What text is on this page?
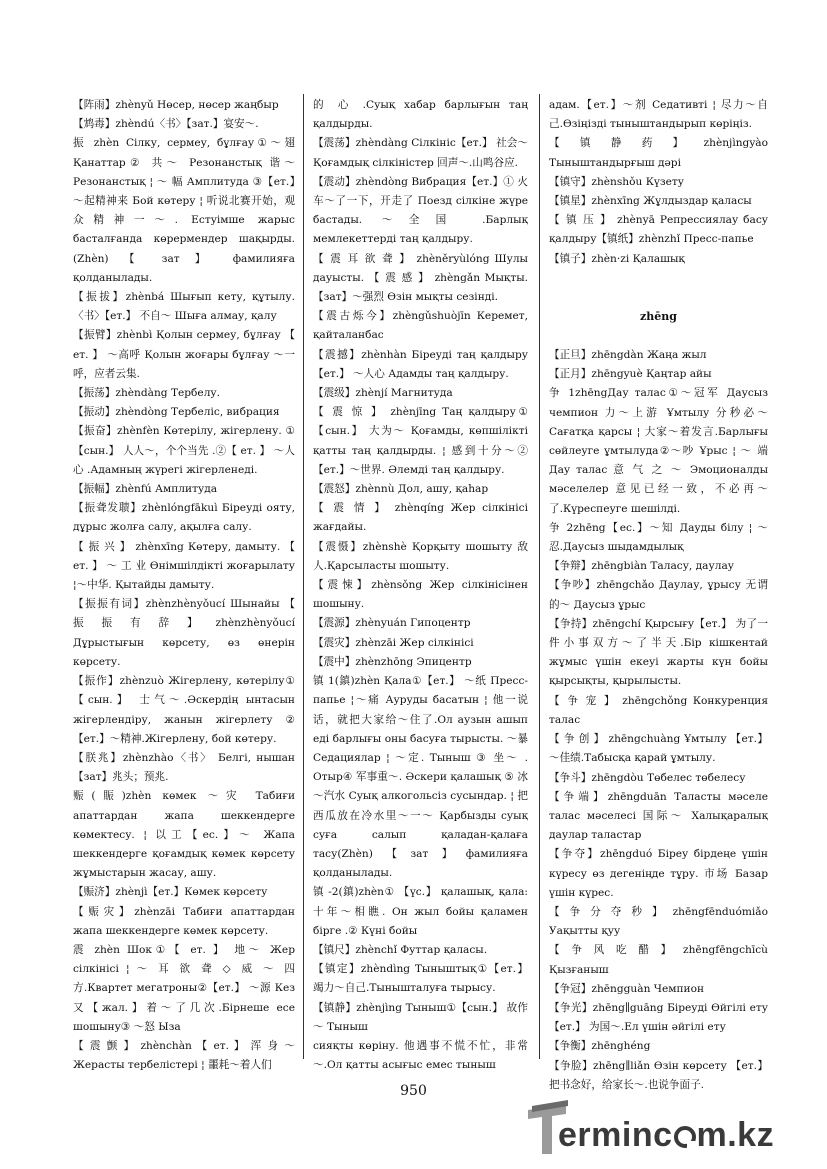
【阵雨】zhènyǔ Нөсер, нөсер жаңбыр

【鸩毒】zhèndú〈书〉【зат.】宴安～.

振 zhèn Сілку, сермеу, бұлғау①～翅 Қанаттар② 共～ Резонанстық 谐～ Резонанстық ¦ ～ 幅 Амплитуда ③【ет.】～起精神来 Бой көтеру ¦ 听说北赛开始，观众精神一～. Естуімше жарыс басталғанда көрермендер шақырды.(Zhèn) 【 зат 】 фамилияға қолданылады.

【振拔】zhènbá Шығып кету, құтылу. 〈书〉【ет.】 不自～ Шыға алмау, қалу

【振臂】zhènbì Қолын сермеу, бұлғау 【 ет. 】 ～高呼 Қолын жоғары бұлғау ～一呼，应者云集.

【振荡】zhèndàng Тербелу.

【振动】zhèndòng Тербеліс, вибрация

【振奋】zhènfèn Көтерілу, жігерлену. ①【сын.】 人人～，个个当先 .②【 ет. 】 ～人心 .Адамның жүрегі жігерленеді.

【振幅】zhènfú Амплитуда

【振聋发聩】zhènlóngfākuì Біреуді ояту, дұрыс жолға салу, ақылға салу.

【 振 兴 】 zhènxīng Көтеру, дамыту. 【 ет. 】 ～ 工 业 Өнімшілдікті жоғарылату ¦～中华. Қытайды дамыту.

【振振有词】zhènzhènyǒucí Шынайы 【 振 振 有 辞 】 zhènzhènyǒucí Дұрыстығын көрсету, өз өнерін көрсету.

【振作】zhènzuò Жігерлену, көтерілу① 【сын.】 士气～.Әскердің ынтасын жігерлендіру, жанын жігерлету ② 【ет.】～精神.Жігерлену, бой көтеру.

【朕兆】zhènzhào〈书〉 Белгі, нышан 【зат】兆头；预兆.

赈(賑)zhèn көмек ～灾 Табиғи апаттардан жапа шеккендерге көмектесу. ¦ 以工【ес.】～ Жапа шеккендерге қоғамдық көмек көрсету жұмыстарын жасау, ашу.

【赈济】zhènjì【ет.】Көмек көрсету

【赈灾】zhènzāi Табиғи апаттардан жапа шеккендерге көмек көрсету.

震 zhèn Шок①【 ет. 】 地～ Жер сілкінісі ¦ ～ 耳 欲 聋 ◇ 威 ～ 四 方.Квартет мегатроны②【ет.】 ～源 Кез 又【жал.】着～了几次.Бірнеше есе шошыну③ ～怒 Ыза

【 震 颤 】 zhènchàn 【 ет. 】 浑 身 ～ Жерасты тербелістері ¦ 噩耗～着人们

的 心 .Суық хабар барлығын таң қалдырды.

【震荡】zhèndàng Сілкініс【ет.】 社会～ Қоғамдық сілкіністер 回声～.山鸣谷应.

【震动】zhèndòng Вибрация【ет.】① 火车～了一下，开走了 Поезд сілкіне жүре бастады. ～全国 .Барлық мемлекеттерді таң қалдыру.

【 震 耳 欲 聋 】 zhèněryùlóng Шулы дауысты. 【 震 感 】 zhèngǎn Мықты. 【зат】～强烈 Өзін мықты сезінді.

【震古烁今】zhèngǔshuòjīn Керемет, қайталанбас

【震撼】zhènhàn Біреуді таң қалдыру 【ет.】 ～人心 Адамды таң қалдыру.

【震级】zhènjí Магнитуда

【 震 惊 】 zhènjīng Таң қалдыру① 【сын.】 大为～ Қоғамды, көпшілікті қатты таң қалдырды. ¦ 感到十分～② 【ет.】～世界. Әлемді таң қалдыру.

【震怒】zhènnù Дол, ашу, қаһар

【 震 情 】 zhènqíng Жер сілкінісі жағдайы.

【震慑】zhènshè Қорқыту шошыту 敌人.Қарсыласты шошыту.

【震悚】zhènsǒng Жер сілкінісінен шошыну.

【震源】zhènyuán Гипоцентр

【震灾】zhènzāi Жер сілкінісі

【震中】zhènzhōng Эпицентр

镇 1(鎮)zhèn Қала①【ет.】 ～纸 Пресс-папье ¦～痛 Ауруды басатын ¦ 他一说话，就把大家给～住了.Ол аузын ашып еді барлығы оны басуға тырысты. ～暴 Седациялар ¦ ～定. Тыныш ③ 坐～ . Отыр④ 军事重～. Әскери қалашық ⑤ 冰～汽水 Суық алкогольсіз сусындар. ¦ 把西瓜放在冷水里～一～ Қарбызды суық суға салып қаладан-қалаға тасу(Zhèn)【зат】фамилияға қолданылады.

镇 -2(鎮)zhèn① 【үс.】 қалашық, қала: 十年～相瞧. Он жыл бойы қаламен бірге .② Күні бойы

【镇尺】zhènchǐ Футтар қаласы.

【镇定】zhèndìng Тыныштық①【ет.】 竭力～自己.Тынышталуға тырысу.

【镇静】zhènjìng Тыныш①【сын.】 故作～ Тыныш

сияқты көріну. 他遇事不慌不忙，非常～.Ол қатты асығыс емес тыныш

адам.【ет.】～剂 Седативті ¦ 尽力～自己.Өзіңізді тыныштандырып көріңіз.

【 镇 静 药 】 zhènjìngyào Тыныштандырғыш дәрі

【镇守】zhènshǒu Күзету

【镇星】zhènxīng Жұлдыздар қаласы

【 镇 压 】 zhènyā Репрессиялау басу қалдыру【镇纸】zhènzhǐ Пресс-папье

【镇子】zhèn·zi Қалашық

zhēng

【正旦】zhēngdàn Жаңа жыл

【正月】zhēngyuè Қаңтар айы

争 1zhēngДау талас①～冠军 Даусыз чемпион 力～上游 Ұмтылу 分秒必～Сағатқа қарсы ¦ 大家～着发言.Барлығы сөйлеуге ұмтылуда②～吵 Ұрыс ¦ ～ 端 Дау талас 意 气 之 ～ Эмоционалды мәселелер 意见已经一致，不必再～了.Күреспеуге шешілді.

争 2zhēng【ес.】～知 Дауды білу ¦ ～忍.Даусыз шыдамдылық

【争辩】zhēngbiàn Таласу, даулау

【争吵】zhēngchǎo Даулау, ұрысу 无谓的～ Даусыз ұрыс

【争持】zhēngchí Қырсығу【ет.】 为了一件小事双方～了半天.Бір кішкентай жұмыс үшін екеуі жарты күн бойы қырсықты, қырылысты.

【 争 宠 】 zhēngchǒng Конкуренция талас

【 争 创 】 zhēngchuàng Ұмтылу 【ет.】 ～佳绩.Табысқа қарай ұмтылу.

【争斗】zhēngdòu Төбелес төбелесу

【争端】zhēngduān Таласты мәселе талас мәселесі 国际～ Халықаралық даулар таластар

【争夺】zhēngduó Біреу бірдеңе үшін күресу өз дегеніңде тұру. 市场 Базар үшін күрес.

【 争 分 夺 秒 】 zhēngfēnduómiǎo Уақытты қуу

【 争 风 吃 醋 】 zhēngfēngchīcù Қызғаныш

【争冠】zhēngguàn Чемпион

【争光】zhēng∥guāng Біреуді Өйгілі ету【ет.】 为国～.Ел үшін әйгілі ету

【争衡】zhēnghéng

【争脸】zhēng∥liǎn Өзін көрсету 【ет.】 把书念好，给家长～.也说争面子.

950
erminc m.kz
